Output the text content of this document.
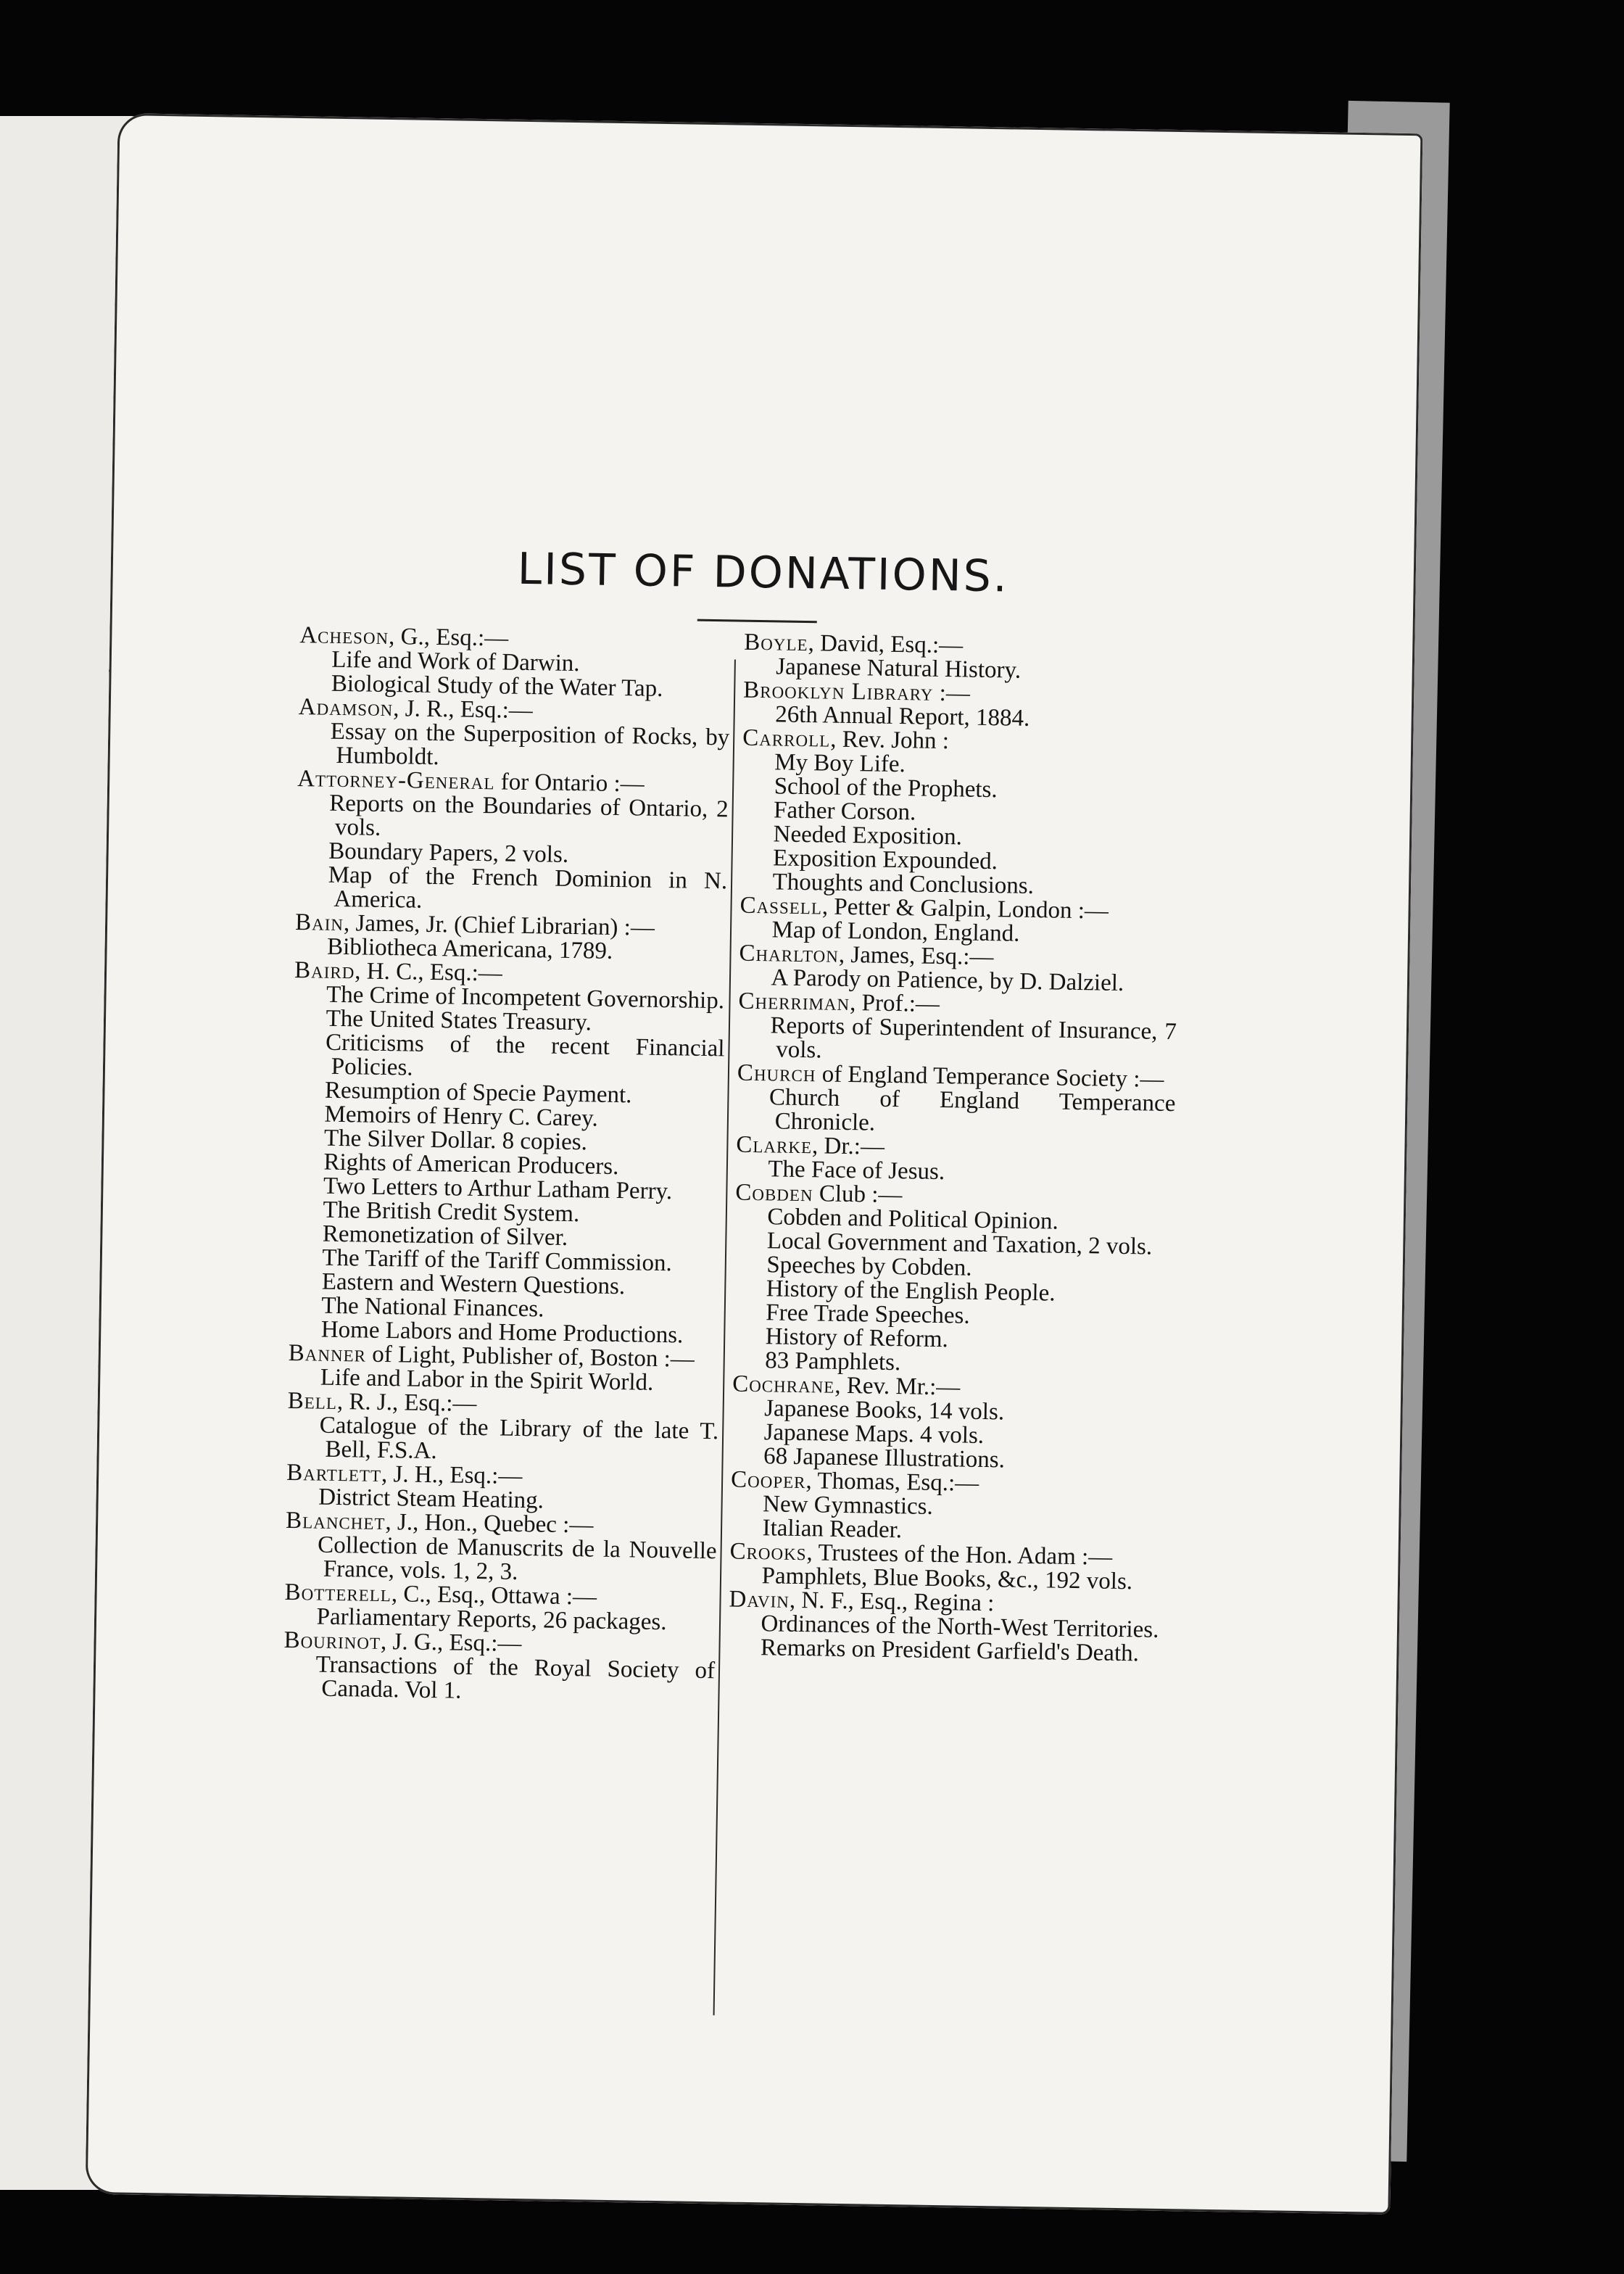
LIST OF DONATIONS.
Acheson, G., Esq.:—
Life and Work of Darwin.
Biological Study of the Water Tap.
Adamson, J. R., Esq.:—
Essay on the Superposition of Rocks, by Humboldt.
Attorney-General for Ontario :—
Reports on the Boundaries of Ontario, 2 vols.
Boundary Papers, 2 vols.
Map of the French Dominion in N. America.
Bain, James, Jr. (Chief Librarian) :—
Bibliotheca Americana, 1789.
Baird, H. C., Esq.:—
The Crime of Incompetent Governorship.
The United States Treasury.
Criticisms of the recent Financial Policies.
Resumption of Specie Payment.
Memoirs of Henry C. Carey.
The Silver Dollar. 8 copies.
Rights of American Producers.
Two Letters to Arthur Latham Perry.
The British Credit System.
Remonetization of Silver.
The Tariff of the Tariff Commission.
Eastern and Western Questions.
The National Finances.
Home Labors and Home Productions.
Banner of Light, Publisher of, Boston :—
Life and Labor in the Spirit World.
Bell, R. J., Esq.:—
Catalogue of the Library of the late T. Bell, F.S.A.
Bartlett, J. H., Esq.:—
District Steam Heating.
Blanchet, J., Hon., Quebec :—
Collection de Manuscrits de la Nouvelle France, vols. 1, 2, 3.
Botterell, C., Esq., Ottawa :—
Parliamentary Reports, 26 packages.
Bourinot, J. G., Esq.:—
Transactions of the Royal Society of Canada. Vol 1.
Boyle, David, Esq.:—
Japanese Natural History.
Brooklyn Library :—
26th Annual Report, 1884.
Carroll, Rev. John :
My Boy Life.
School of the Prophets.
Father Corson.
Needed Exposition.
Exposition Expounded.
Thoughts and Conclusions.
Cassell, Petter & Galpin, London :—
Map of London, England.
Charlton, James, Esq.:—
A Parody on Patience, by D. Dalziel.
Cherriman, Prof.:—
Reports of Superintendent of Insurance, 7 vols.
Church of England Temperance Society :—
Church of England Temperance Chronicle.
Clarke, Dr.:—
The Face of Jesus.
Cobden Club :—
Cobden and Political Opinion.
Local Government and Taxation, 2 vols.
Speeches by Cobden.
History of the English People.
Free Trade Speeches.
History of Reform.
83 Pamphlets.
Cochrane, Rev. Mr.:—
Japanese Books, 14 vols.
Japanese Maps. 4 vols.
68 Japanese Illustrations.
Cooper, Thomas, Esq.:—
New Gymnastics.
Italian Reader.
Crooks, Trustees of the Hon. Adam :—
Pamphlets, Blue Books, &c., 192 vols.
Davin, N. F., Esq., Regina :
Ordinances of the North-West Territories.
Remarks on President Garfield's Death.
